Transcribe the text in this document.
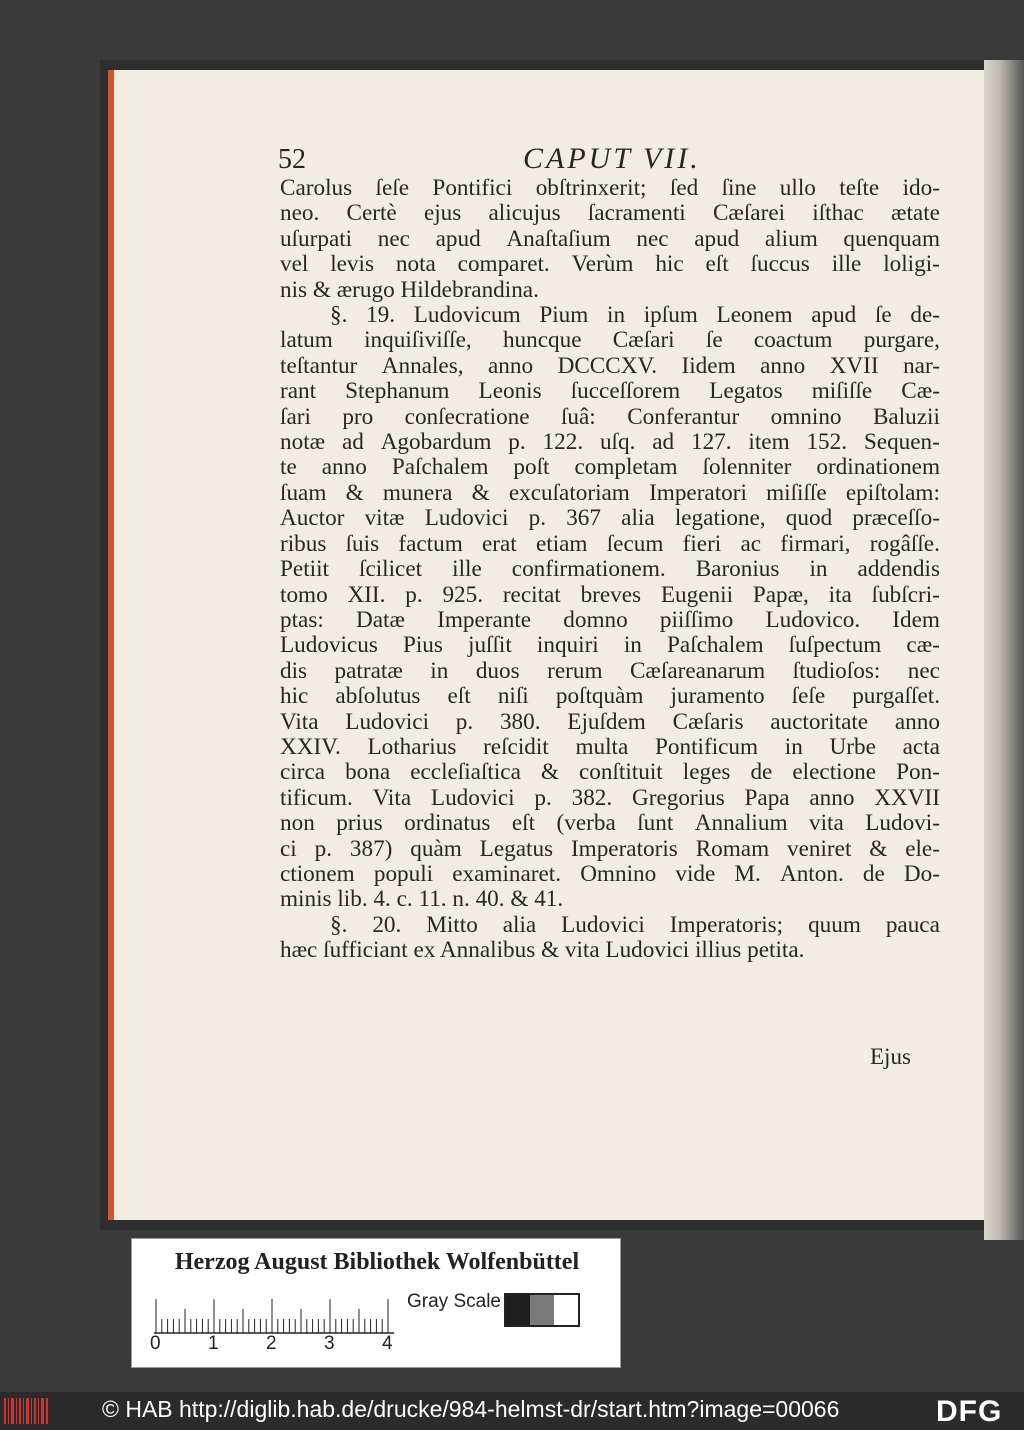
52	CAPUT VII.
Carolus ſeſe Pontifici obſtrinxerit; ſed ſine ullo teſte ido-
neo. Certè ejus alicujus ſacramenti Cæſarei iſthac ætate
uſurpati nec apud Anaſtaſium nec apud alium quenquam
vel levis nota comparet. Verùm hic eſt ſuccus ille loligi-
nis & ærugo Hildebrandina.
§. 19. Ludovicum Pium in ipſum Leonem apud ſe de-
latum inquiſiviſſe, huncque Cæſari ſe coactum purgare,
teſtantur Annales, anno DCCCXV. Iidem anno XVII nar-
rant Stephanum Leonis ſucceſſorem Legatos miſiſſe Cæ-
ſari pro conſecratione ſuâ: Conferantur omnino Baluzii
notæ ad Agobardum p. 122. uſq. ad 127. item 152. Sequen-
te anno Paſchalem poſt completam ſolenniter ordinationem
ſuam & munera & excuſatoriam Imperatori miſiſſe epiſtolam:
Auctor vitæ Ludovici p. 367 alia legatione, quod præceſſo-
ribus ſuis factum erat etiam ſecum fieri ac firmari, rogâſſe.
Petiit ſcilicet ille confirmationem. Baronius in addendis
tomo XII. p. 925. recitat breves Eugenii Papæ, ita ſubſcri-
ptas: Datæ Imperante domno piiſſimo Ludovico. Idem
Ludovicus Pius juſſit inquiri in Paſchalem ſuſpectum cæ-
dis patratæ in duos rerum Cæſareanarum ſtudioſos: nec
hic abſolutus eſt niſi poſtquàm juramento ſeſe purgaſſet.
Vita Ludovici p. 380. Ejuſdem Cæſaris auctoritate anno
XXIV. Lotharius reſcidit multa Pontificum in Urbe acta
circa bona eccleſiaſtica & conſtituit leges de electione Pon-
tificum. Vita Ludovici p. 382. Gregorius Papa anno XXVII
non prius ordinatus eſt (verba ſunt Annalium vita Ludovi-
ci p. 387) quàm Legatus Imperatoris Romam veniret & ele-
ctionem populi examinaret. Omnino vide M. Anton. de Do-
minis lib. 4. c. 11. n. 40. & 41.
§. 20. Mitto alia Ludovici Imperatoris; quum pauca
hæc ſufficiant ex Annalibus & vita Ludovici illius petita.
Ejus
Herzog August Bibliothek Wolfenbüttel
0 1 2 3 4
Gray Scale
© HAB http://diglib.hab.de/drucke/984-helmst-dr/start.htm?image=00066	DFG
